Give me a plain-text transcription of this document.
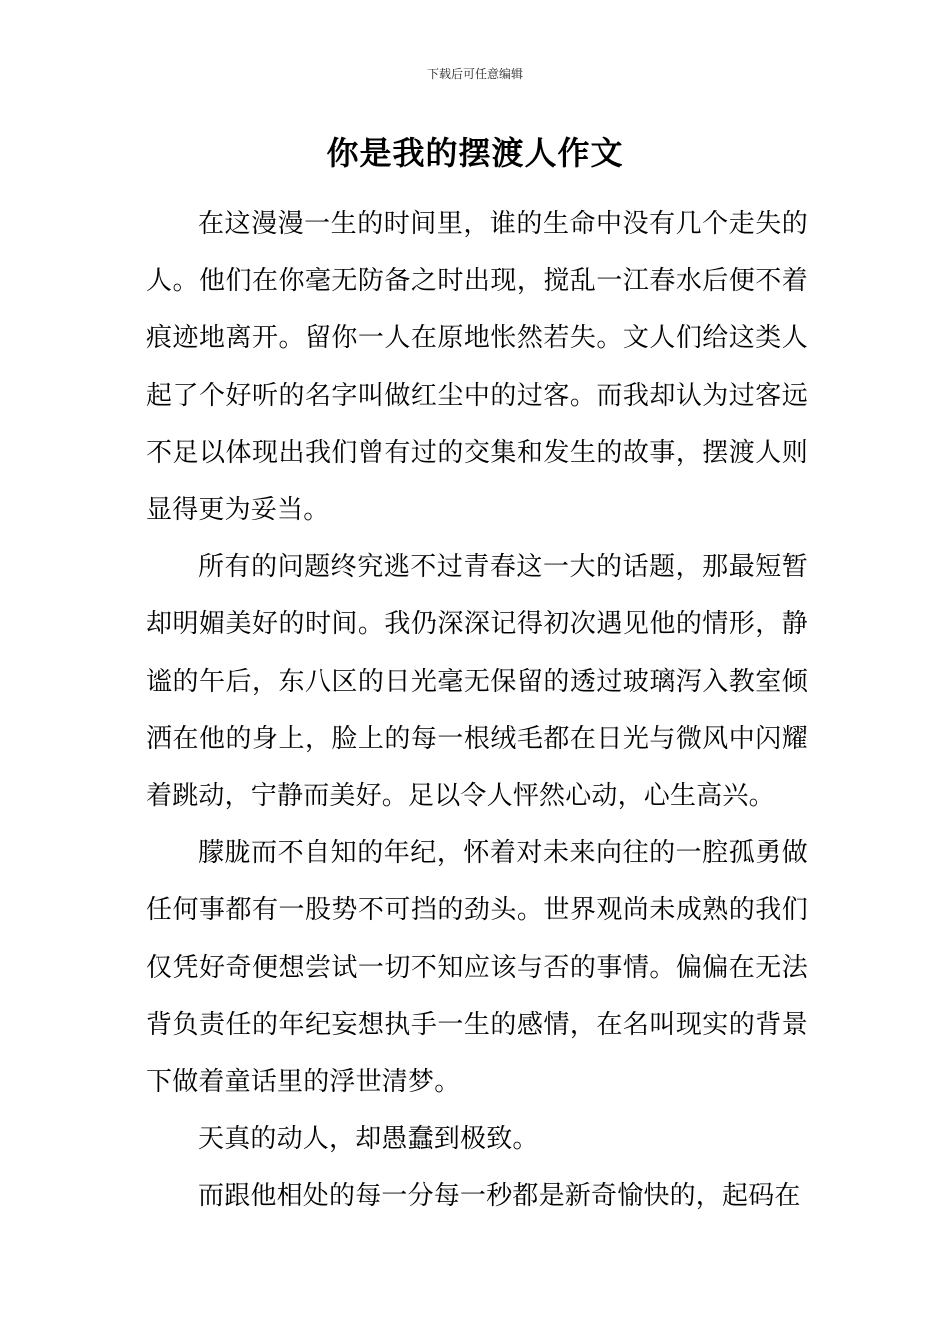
下载后可任意编辑
你是我的摆渡人作文

在这漫漫一生的时间里，谁的生命中没有几个走失的人。他们在你毫无防备之时出现，搅乱一江春水后便不着痕迹地离开。留你一人在原地怅然若失。文人们给这类人起了个好听的名字叫做红尘中的过客。而我却认为过客远不足以体现出我们曾有过的交集和发生的故事，摆渡人则显得更为妥当。

所有的问题终究逃不过青春这一大的话题，那最短暂却明媚美好的时间。我仍深深记得初次遇见他的情形，静谧的午后，东八区的日光毫无保留的透过玻璃泻入教室倾洒在他的身上，脸上的每一根绒毛都在日光与微风中闪耀着跳动，宁静而美好。足以令人怦然心动，心生高兴。

朦胧而不自知的年纪，怀着对未来向往的一腔孤勇做任何事都有一股势不可挡的劲头。世界观尚未成熟的我们仅凭好奇便想尝试一切不知应该与否的事情。偏偏在无法背负责任的年纪妄想执手一生的感情，在名叫现实的背景下做着童话里的浮世清梦。

天真的动人，却愚蠢到极致。

而跟他相处的每一分每一秒都是新奇愉快的，起码在
